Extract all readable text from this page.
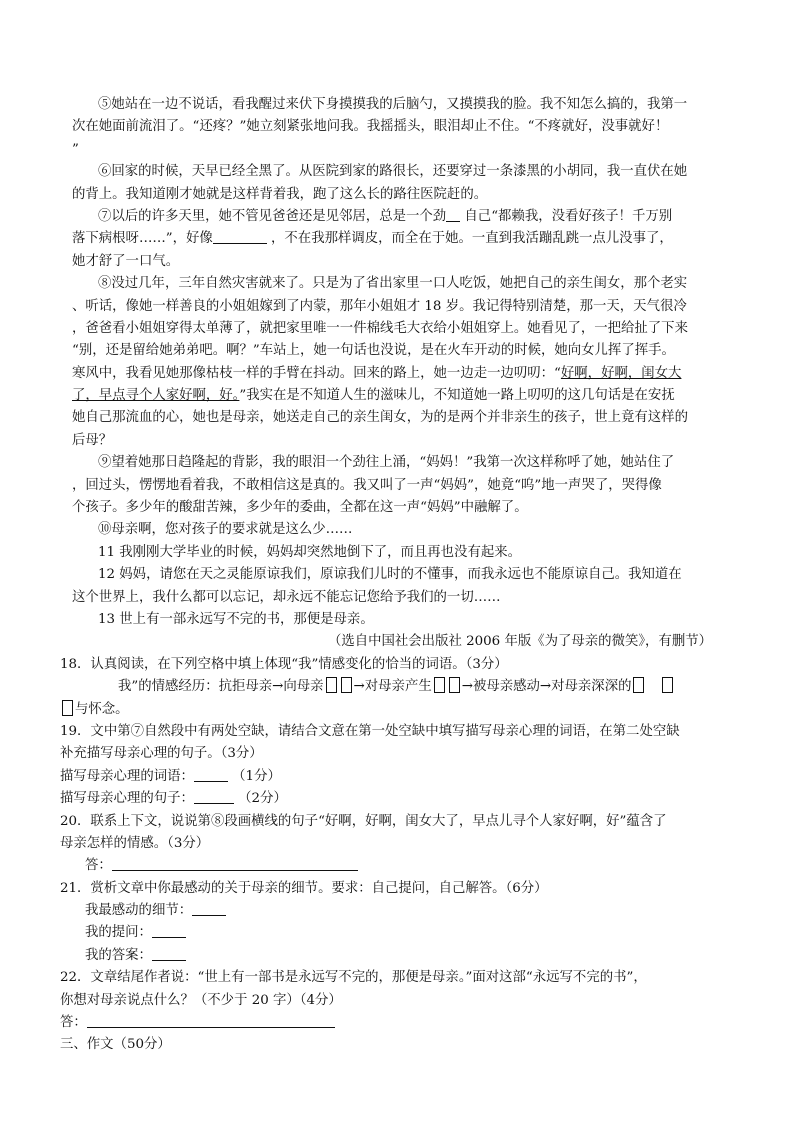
⑤她站在一边不说话，看我醒过来伏下身摸摸我的后脑勺，又摸摸我的脸。我不知怎么搞的，我第一
次在她面前流泪了。“还疼？”她立刻紧张地问我。我摇摇头，眼泪却止不住。“不疼就好，没事就好！
”
⑥回家的时候，天早已经全黑了。从医院到家的路很长，还要穿过一条漆黑的小胡同，我一直伏在她
的背上。我知道刚才她就是这样背着我，跑了这么长的路往医院赶的。
⑦以后的许多天里，她不管见爸爸还是见邻居，总是一个劲 自己“都赖我，没看好孩子！千万别
落下病根呀……”，好像	，不在我那样调皮，而全在于她。一直到我活蹦乱跳一点儿没事了，
她才舒了一口气。
⑧没过几年，三年自然灾害就来了。只是为了省出家里一口人吃饭，她把自己的亲生闺女，那个老实
、听话，像她一样善良的小姐姐嫁到了内蒙，那年小姐姐才 18 岁。我记得特别清楚，那一天，天气很冷
，爸爸看小姐姐穿得太单薄了，就把家里唯一一件棉线毛大衣给小姐姐穿上。她看见了，一把给扯了下来
“别，还是留给她弟弟吧。啊？”车站上，她一句话也没说，是在火车开动的时候，她向女儿挥了挥手。
寒风中，我看见她那像枯枝一样的手臂在抖动。回来的路上，她一边走一边叨叨：“好啊，好啊，闺女大
了，早点寻个人家好啊，好。”我实在是不知道人生的滋味儿，不知道她一路上叨叨的这几句话是在安抚
她自己那流血的心，她也是母亲，她送走自己的亲生闺女，为的是两个并非亲生的孩子，世上竟有这样的
后母？
⑨望着她那日趋隆起的背影，我的眼泪一个劲往上涌，“妈妈！”我第一次这样称呼了她，她站住了
，回过头，愣愣地看着我，不敢相信这是真的。我又叫了一声“妈妈”，她竟“呜”地一声哭了，哭得像
个孩子。多少年的酸甜苦辣，多少年的委曲，全都在这一声“妈妈”中融解了。
⑩母亲啊，您对孩子的要求就是这么少……
11 我刚刚大学毕业的时候，妈妈却突然地倒下了，而且再也没有起来。
12 妈妈，请您在天之灵能原谅我们，原谅我们儿时的不懂事，而我永远也不能原谅自己。我知道在
这个世界上，我什么都可以忘记，却永远不能忘记您给予我们的一切……
13 世上有一部永远写不完的书，那便是母亲。
（选自中国社会出版社 2006 年版《为了母亲的微笑》，有删节）
18．认真阅读，在下列空格中填上体现“我”情感变化的恰当的词语。（3分）
我”的情感经历：抗拒母亲→向母亲 →对母亲产生 →被母亲感动→对母亲深深的
与怀念。
19．文中第⑦自然段中有两处空缺，请结合文意在第一处空缺中填写描写母亲心理的词语，在第二处空缺
补充描写母亲心理的句子。（3分）
描写母亲心理的词语：	（1分）
描写母亲心理的句子：	（2分）
20．联系上下文，说说第⑧段画横线的句子“好啊，好啊，闺女大了，早点儿寻个人家好啊，好”蕴含了
母亲怎样的情感。（3分）
答：
21．赏析文章中你最感动的关于母亲的细节。要求：自己提问，自己解答。（6分）
我最感动的细节：
我的提问：
我的答案：
22．文章结尾作者说：“世上有一部书是永远写不完的，那便是母亲。”面对这部“永远写不完的书”，
你想对母亲说点什么？（不少于 20 字）（4分）
答：
三、作文（50分）
